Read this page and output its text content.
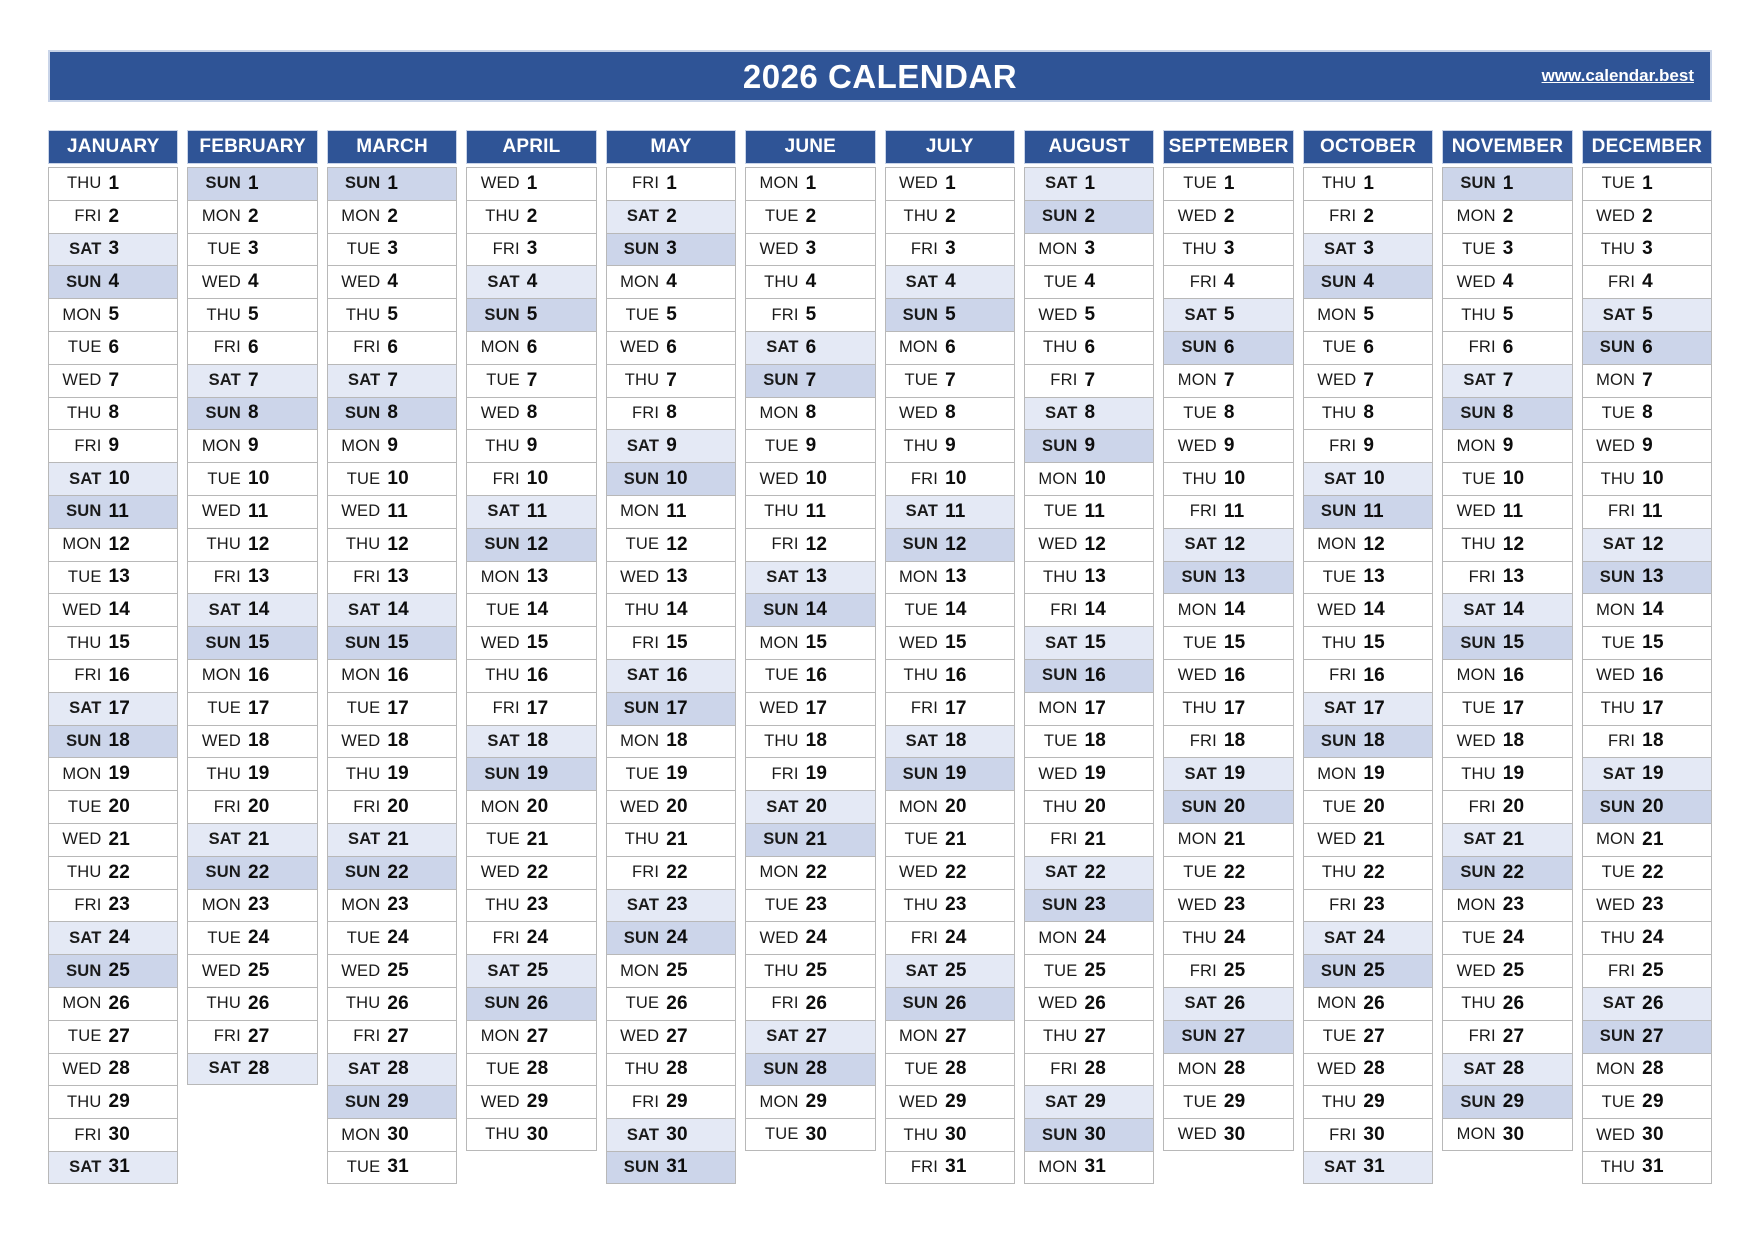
2026 CALENDAR	www.calendar.best
JANUARY
THU 1
FRI 2
SAT 3
SUN 4
MON 5
TUE 6
WED 7
THU 8
FRI 9
SAT 10
SUN 11
MON 12
TUE 13
WED 14
THU 15
FRI 16
SAT 17
SUN 18
MON 19
TUE 20
WED 21
THU 22
FRI 23
SAT 24
SUN 25
MON 26
TUE 27
WED 28
THU 29
FRI 30
SAT 31
FEBRUARY
SUN 1
MON 2
TUE 3
WED 4
THU 5
FRI 6
SAT 7
SUN 8
MON 9
TUE 10
WED 11
THU 12
FRI 13
SAT 14
SUN 15
MON 16
TUE 17
WED 18
THU 19
FRI 20
SAT 21
SUN 22
MON 23
TUE 24
WED 25
THU 26
FRI 27
SAT 28
MARCH
SUN 1
MON 2
TUE 3
WED 4
THU 5
FRI 6
SAT 7
SUN 8
MON 9
TUE 10
WED 11
THU 12
FRI 13
SAT 14
SUN 15
MON 16
TUE 17
WED 18
THU 19
FRI 20
SAT 21
SUN 22
MON 23
TUE 24
WED 25
THU 26
FRI 27
SAT 28
SUN 29
MON 30
TUE 31
APRIL
WED 1
THU 2
FRI 3
SAT 4
SUN 5
MON 6
TUE 7
WED 8
THU 9
FRI 10
SAT 11
SUN 12
MON 13
TUE 14
WED 15
THU 16
FRI 17
SAT 18
SUN 19
MON 20
TUE 21
WED 22
THU 23
FRI 24
SAT 25
SUN 26
MON 27
TUE 28
WED 29
THU 30
MAY
FRI 1
SAT 2
SUN 3
MON 4
TUE 5
WED 6
THU 7
FRI 8
SAT 9
SUN 10
MON 11
TUE 12
WED 13
THU 14
FRI 15
SAT 16
SUN 17
MON 18
TUE 19
WED 20
THU 21
FRI 22
SAT 23
SUN 24
MON 25
TUE 26
WED 27
THU 28
FRI 29
SAT 30
SUN 31
JUNE
MON 1
TUE 2
WED 3
THU 4
FRI 5
SAT 6
SUN 7
MON 8
TUE 9
WED 10
THU 11
FRI 12
SAT 13
SUN 14
MON 15
TUE 16
WED 17
THU 18
FRI 19
SAT 20
SUN 21
MON 22
TUE 23
WED 24
THU 25
FRI 26
SAT 27
SUN 28
MON 29
TUE 30
JULY
WED 1
THU 2
FRI 3
SAT 4
SUN 5
MON 6
TUE 7
WED 8
THU 9
FRI 10
SAT 11
SUN 12
MON 13
TUE 14
WED 15
THU 16
FRI 17
SAT 18
SUN 19
MON 20
TUE 21
WED 22
THU 23
FRI 24
SAT 25
SUN 26
MON 27
TUE 28
WED 29
THU 30
FRI 31
AUGUST
SAT 1
SUN 2
MON 3
TUE 4
WED 5
THU 6
FRI 7
SAT 8
SUN 9
MON 10
TUE 11
WED 12
THU 13
FRI 14
SAT 15
SUN 16
MON 17
TUE 18
WED 19
THU 20
FRI 21
SAT 22
SUN 23
MON 24
TUE 25
WED 26
THU 27
FRI 28
SAT 29
SUN 30
MON 31
SEPTEMBER
TUE 1
WED 2
THU 3
FRI 4
SAT 5
SUN 6
MON 7
TUE 8
WED 9
THU 10
FRI 11
SAT 12
SUN 13
MON 14
TUE 15
WED 16
THU 17
FRI 18
SAT 19
SUN 20
MON 21
TUE 22
WED 23
THU 24
FRI 25
SAT 26
SUN 27
MON 28
TUE 29
WED 30
OCTOBER
THU 1
FRI 2
SAT 3
SUN 4
MON 5
TUE 6
WED 7
THU 8
FRI 9
SAT 10
SUN 11
MON 12
TUE 13
WED 14
THU 15
FRI 16
SAT 17
SUN 18
MON 19
TUE 20
WED 21
THU 22
FRI 23
SAT 24
SUN 25
MON 26
TUE 27
WED 28
THU 29
FRI 30
SAT 31
NOVEMBER
SUN 1
MON 2
TUE 3
WED 4
THU 5
FRI 6
SAT 7
SUN 8
MON 9
TUE 10
WED 11
THU 12
FRI 13
SAT 14
SUN 15
MON 16
TUE 17
WED 18
THU 19
FRI 20
SAT 21
SUN 22
MON 23
TUE 24
WED 25
THU 26
FRI 27
SAT 28
SUN 29
MON 30
DECEMBER
TUE 1
WED 2
THU 3
FRI 4
SAT 5
SUN 6
MON 7
TUE 8
WED 9
THU 10
FRI 11
SAT 12
SUN 13
MON 14
TUE 15
WED 16
THU 17
FRI 18
SAT 19
SUN 20
MON 21
TUE 22
WED 23
THU 24
FRI 25
SAT 26
SUN 27
MON 28
TUE 29
WED 30
THU 31
